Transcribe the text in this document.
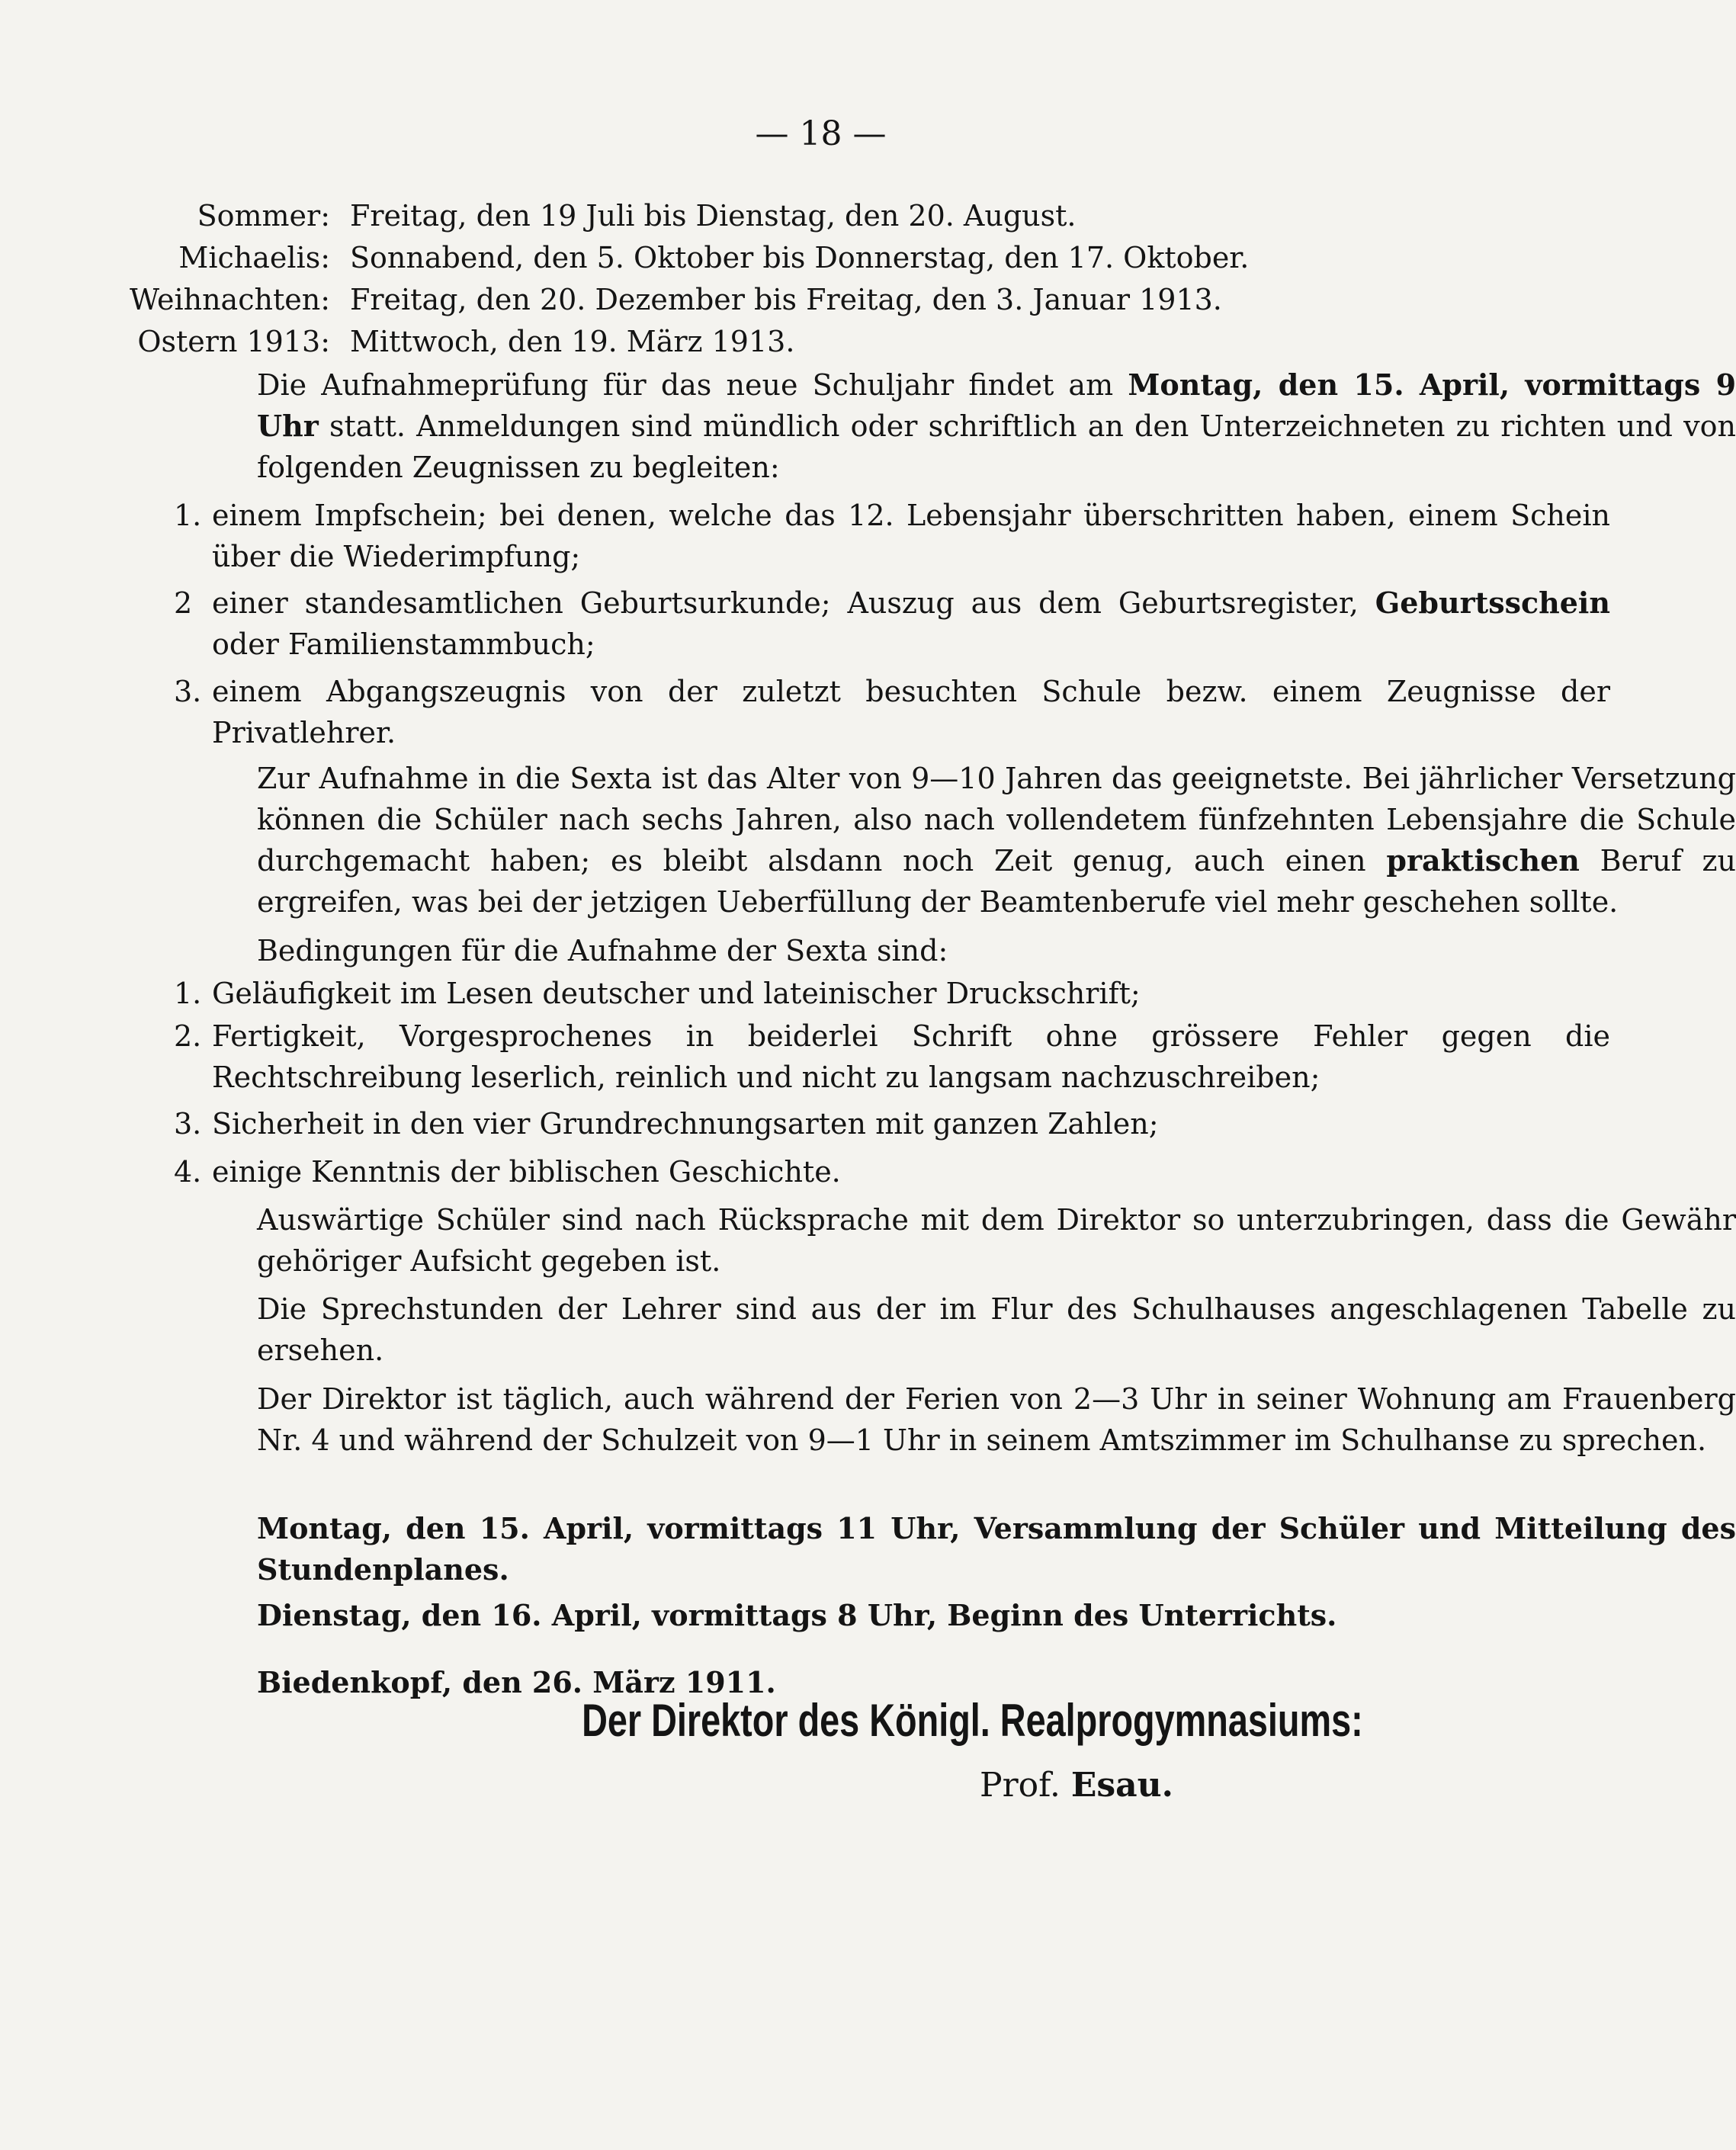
— 18 —
Sommer:	Freitag, den 19 Juli bis Dienstag, den 20. August.
Michaelis:	Sonnabend, den 5. Oktober bis Donnerstag, den 17. Oktober.
Weihnachten:	Freitag, den 20. Dezember bis Freitag, den 3. Januar 1913.
Ostern 1913:	Mittwoch, den 19. März 1913.
Die Aufnahmeprüfung für das neue Schuljahr findet am Montag, den 15. April, vormittags 9 Uhr statt. Anmeldungen sind mündlich oder schriftlich an den Unterzeichneten zu richten und von folgenden Zeugnissen zu begleiten:
1. einem Impfschein; bei denen, welche das 12. Lebensjahr überschritten haben, einem Schein über die Wiederimpfung;
2 einer standesamtlichen Geburtsurkunde; Auszug aus dem Geburtsregister, Geburtsschein oder Familienstammbuch;
3. einem Abgangszeugnis von der zuletzt besuchten Schule bezw. einem Zeugnisse der Privatlehrer.
Zur Aufnahme in die Sexta ist das Alter von 9—10 Jahren das geeignetste. Bei jährlicher Versetzung können die Schüler nach sechs Jahren, also nach vollendetem fünfzehnten Lebensjahre die Schule durchgemacht haben; es bleibt alsdann noch Zeit genug, auch einen praktischen Beruf zu ergreifen, was bei der jetzigen Ueberfüllung der Beamtenberufe viel mehr geschehen sollte.
Bedingungen für die Aufnahme der Sexta sind:
1. Geläufigkeit im Lesen deutscher und lateinischer Druckschrift;
2. Fertigkeit, Vorgesprochenes in beiderlei Schrift ohne grössere Fehler gegen die Rechtschreibung leserlich, reinlich und nicht zu langsam nachzuschreiben;
3. Sicherheit in den vier Grundrechnungsarten mit ganzen Zahlen;
4. einige Kenntnis der biblischen Geschichte.
Auswärtige Schüler sind nach Rücksprache mit dem Direktor so unterzubringen, dass die Gewähr gehöriger Aufsicht gegeben ist.
Die Sprechstunden der Lehrer sind aus der im Flur des Schulhauses angeschlagenen Tabelle zu ersehen.
Der Direktor ist täglich, auch während der Ferien von 2—3 Uhr in seiner Wohnung am Frauenberg Nr. 4 und während der Schulzeit von 9—1 Uhr in seinem Amtszimmer im Schulhanse zu sprechen.
Montag, den 15. April, vormittags 11 Uhr, Versammlung der Schüler und Mitteilung des Stundenplanes.
Dienstag, den 16. April, vormittags 8 Uhr, Beginn des Unterrichts.
Biedenkopf, den 26. März 1911.
Der Direktor des Königl. Realprogymnasiums:
Prof. Esau.
